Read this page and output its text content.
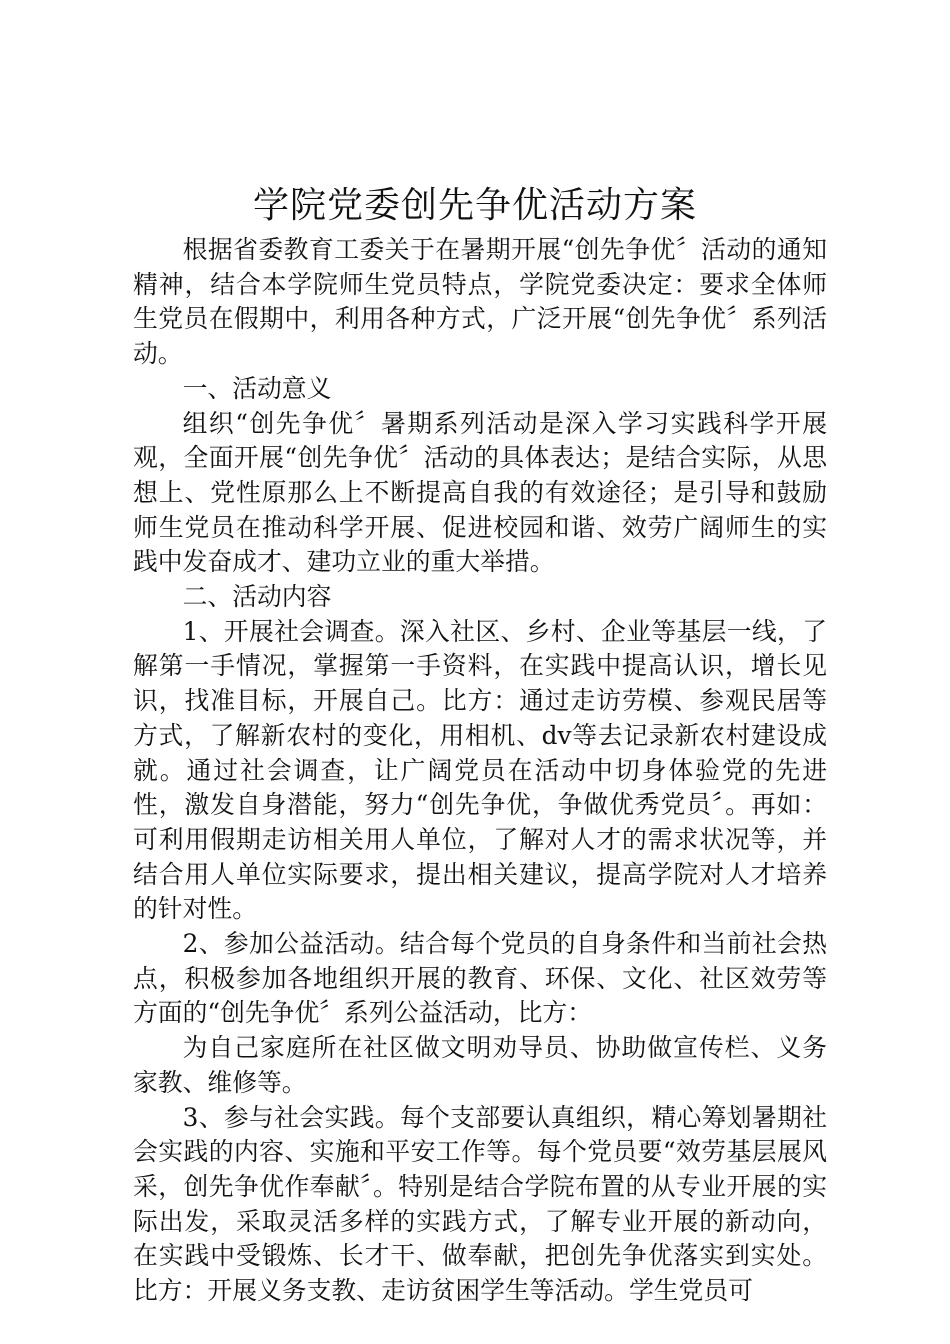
学院党委创先争优活动方案

根据省委教育工委关于在暑期开展“创先争优〞活动的通知精神，结合本学院师生党员特点，学院党委决定：要求全体师生党员在假期中，利用各种方式，广泛开展“创先争优〞系列活动。

一、活动意义

组织“创先争优〞暑期系列活动是深入学习实践科学开展观，全面开展“创先争优〞活动的具体表达；是结合实际，从思想上、党性原那么上不断提高自我的有效途径；是引导和鼓励师生党员在推动科学开展、促进校园和谐、效劳广阔师生的实践中发奋成才、建功立业的重大举措。

二、活动内容

1、开展社会调查。深入社区、乡村、企业等基层一线，了解第一手情况，掌握第一手资料，在实践中提高认识，增长见识，找准目标，开展自己。比方：通过走访劳模、参观民居等方式，了解新农村的变化，用相机、dv等去记录新农村建设成就。通过社会调查，让广阔党员在活动中切身体验党的先进性，激发自身潜能，努力“创先争优，争做优秀党员〞。再如：可利用假期走访相关用人单位，了解对人才的需求状况等，并结合用人单位实际要求，提出相关建议，提高学院对人才培养的针对性。

2、参加公益活动。结合每个党员的自身条件和当前社会热点，积极参加各地组织开展的教育、环保、文化、社区效劳等方面的“创先争优〞系列公益活动，比方：

为自己家庭所在社区做文明劝导员、协助做宣传栏、义务家教、维修等。

3、参与社会实践。每个支部要认真组织，精心筹划暑期社会实践的内容、实施和平安工作等。每个党员要“效劳基层展风采，创先争优作奉献〞。特别是结合学院布置的从专业开展的实际出发，采取灵活多样的实践方式，了解专业开展的新动向，在实践中受锻炼、长才干、做奉献，把创先争优落实到实处。比方：开展义务支教、走访贫困学生等活动。学生党员可
